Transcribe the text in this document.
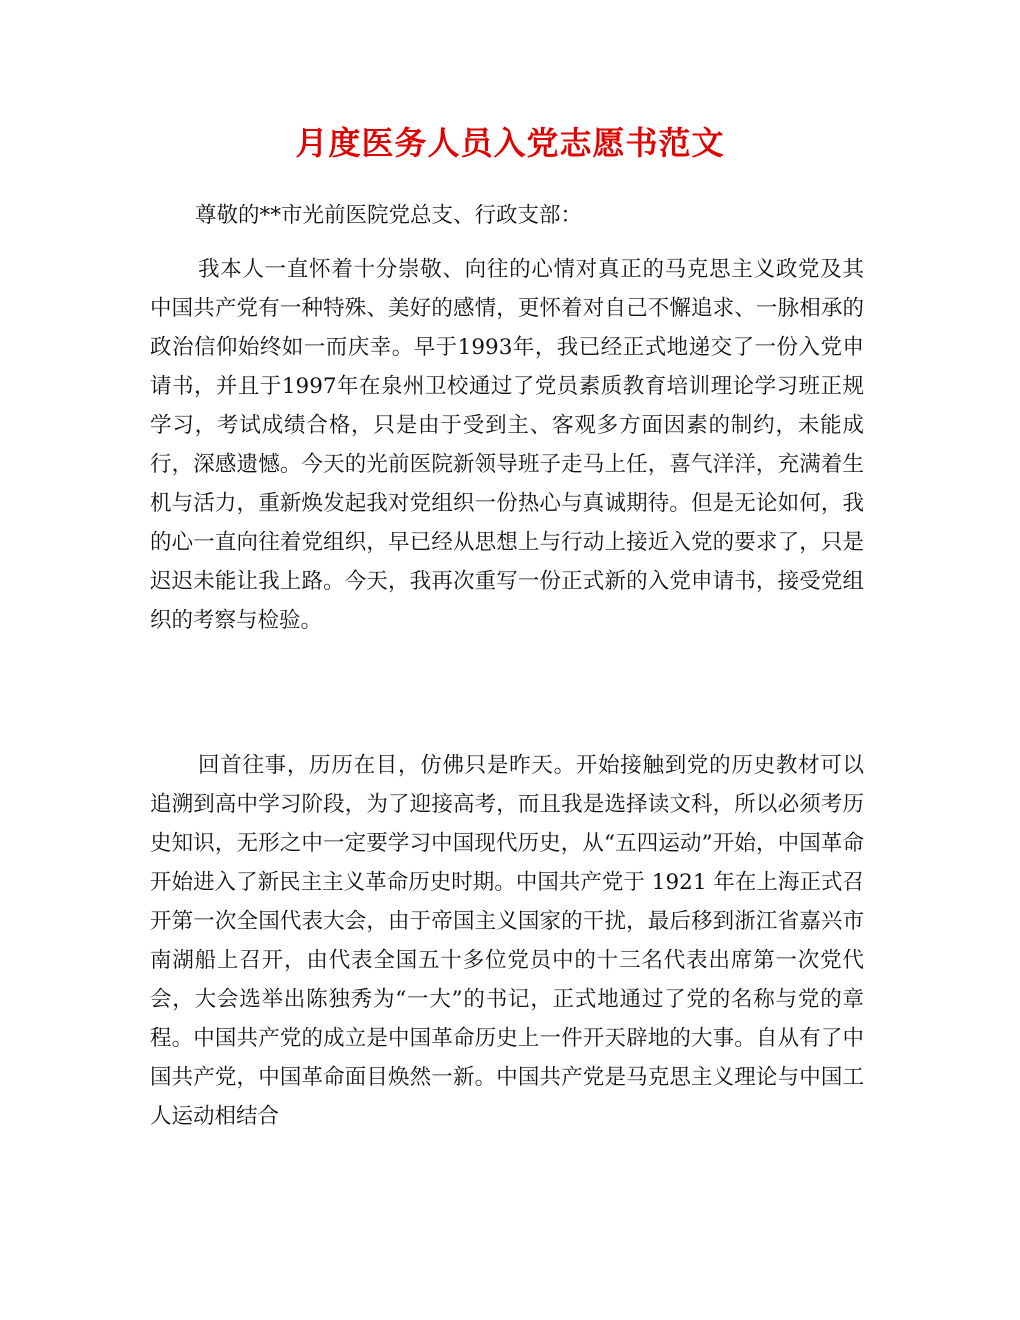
月度医务人员入党志愿书范文

尊敬的**市光前医院党总支、行政支部：

我本人一直怀着十分崇敬、向往的心情对真正的马克思主义政党及其中国共产党有一种特殊、美好的感情，更怀着对自己不懈追求、一脉相承的政治信仰始终如一而庆幸。早于1993年，我已经正式地递交了一份入党申请书，并且于1997年在泉州卫校通过了党员素质教育培训理论学习班正规学习，考试成绩合格，只是由于受到主、客观多方面因素的制约，未能成行，深感遗憾。今天的光前医院新领导班子走马上任，喜气洋洋，充满着生机与活力，重新焕发起我对党组织一份热心与真诚期待。但是无论如何，我的心一直向往着党组织，早已经从思想上与行动上接近入党的要求了，只是迟迟未能让我上路。今天，我再次重写一份正式新的入党申请书，接受党组织的考察与检验。

回首往事，历历在目，仿佛只是昨天。开始接触到党的历史教材可以追溯到高中学习阶段，为了迎接高考，而且我是选择读文科，所以必须考历史知识，无形之中一定要学习中国现代历史，从“五四运动”开始，中国革命开始进入了新民主主义革命历史时期。中国共产党于 1921 年在上海正式召开第一次全国代表大会，由于帝国主义国家的干扰，最后移到浙江省嘉兴市南湖船上召开，由代表全国五十多位党员中的十三名代表出席第一次党代会，大会选举出陈独秀为“一大”的书记，正式地通过了党的名称与党的章程。中国共产党的成立是中国革命历史上一件开天辟地的大事。自从有了中国共产党，中国革命面目焕然一新。中国共产党是马克思主义理论与中国工人运动相结合
